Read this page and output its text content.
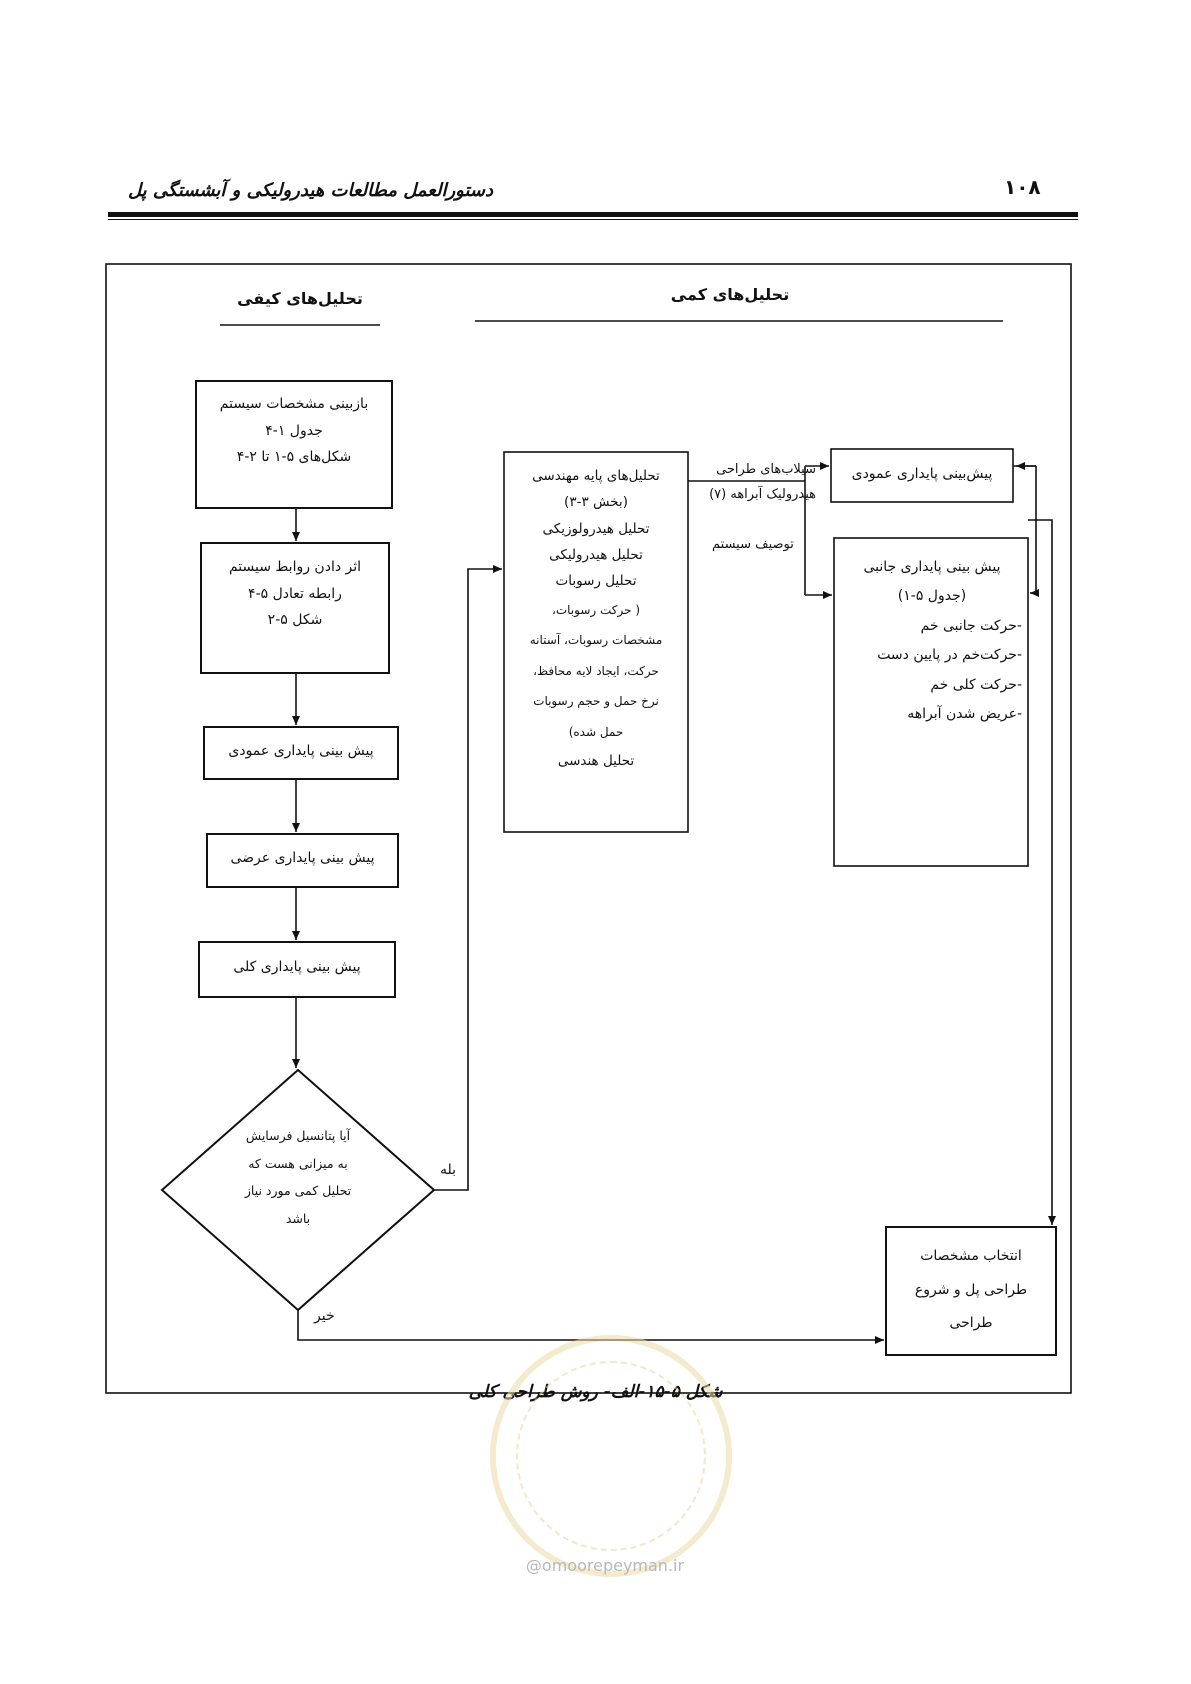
۱۰۸
دستورالعمل مطالعات هیدرولیکی و آبشستگی پل
تحلیل‌های کیفی	تحلیل‌های کمی
بازبینی مشخصات سیستم
جدول ۱-۴
شکل‌های ۵-۱ تا ۲-۴
اثر دادن روابط سیستم
رابطه تعادل ۵-۴
شکل ۵-۲
پیش بینی پایداری عمودی
پیش بینی پایداری عرضی
پیش بینی پایداری کلی
آیا پتانسیل فرسایش
به میزانی هست که
تحلیل کمی مورد نیاز
باشد
بله
خیر
تحلیل‌های پایه مهندسی
(بخش ۳-۳)
تحلیل هیدرولوزیکی
تحلیل هیدرولیکی
تحلیل رسوبات
( حرکت رسوبات،
مشخصات رسوبات، آستانه
حرکت، ایجاد لایه محافظ،
نرخ حمل و حجم رسوبات
حمل شده)
تحلیل هندسی
سیلاب‌های طراحی
هیدرولیک آبراهه (۷)
توصیف سیستم
پیش‌بینی پایداری عمودی
پیش بینی پایداری جانبی
(جدول ۵-۱)
-حرکت جانبی خم
-حرکت‌خم در پایین دست
-حرکت کلی خم
-عریض شدن آبراهه
انتخاب مشخصات
طراحی پل و شروع
طراحی
شکل ۵-۱۵-الف- روش طراحی کلی
@omoorepeyman.ir
